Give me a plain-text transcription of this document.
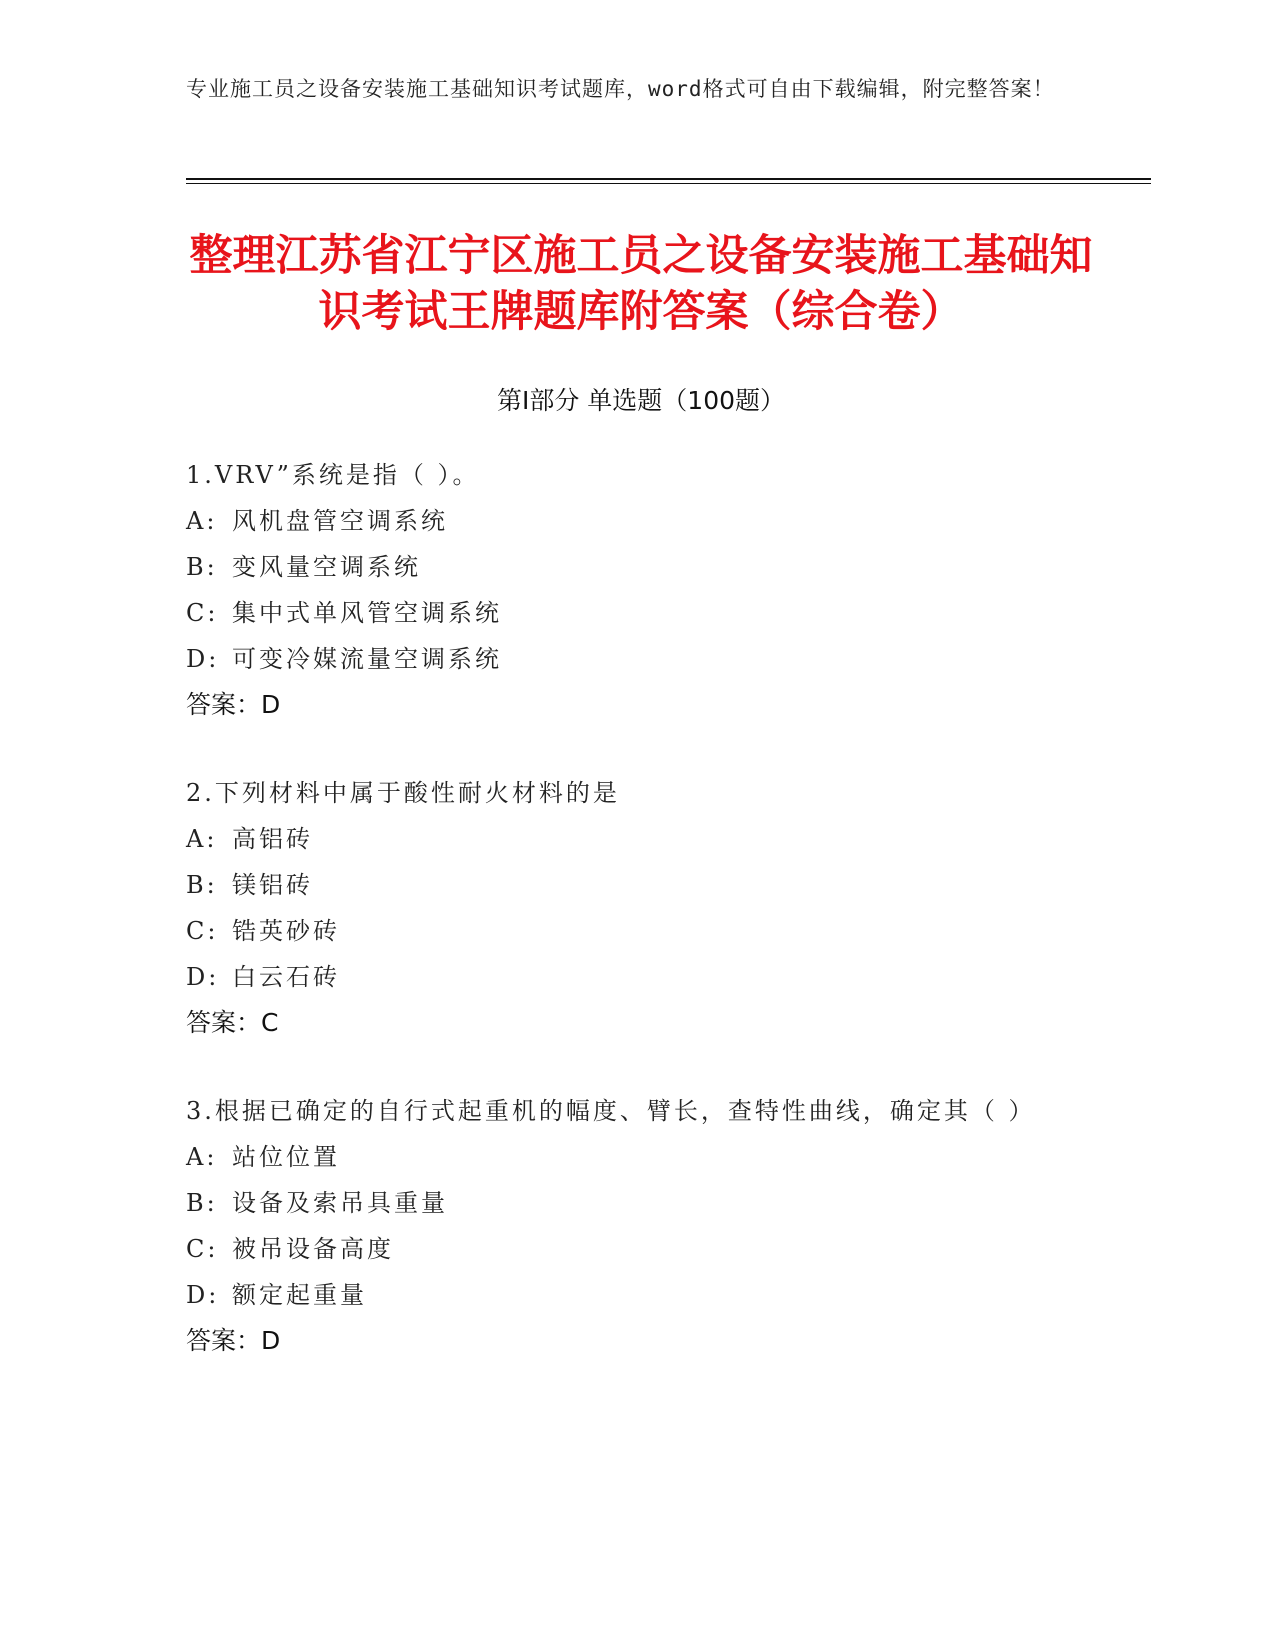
专业施工员之设备安装施工基础知识考试题库，word格式可自由下载编辑，附完整答案！
整理江苏省江宁区施工员之设备安装施工基础知识考试王牌题库附答案（综合卷）
第Ⅰ部分 单选题（100题）
1.VRV”系统是指（ ）。
A: 风机盘管空调系统
B: 变风量空调系统
C: 集中式单风管空调系统
D: 可变冷媒流量空调系统
答案：D
2.下列材料中属于酸性耐火材料的是
A: 高铝砖
B: 镁铝砖
C: 锆英砂砖
D: 白云石砖
答案：C
3.根据已确定的自行式起重机的幅度、臂长，查特性曲线，确定其（ ）
A: 站位位置
B: 设备及索吊具重量
C: 被吊设备高度
D: 额定起重量
答案：D
